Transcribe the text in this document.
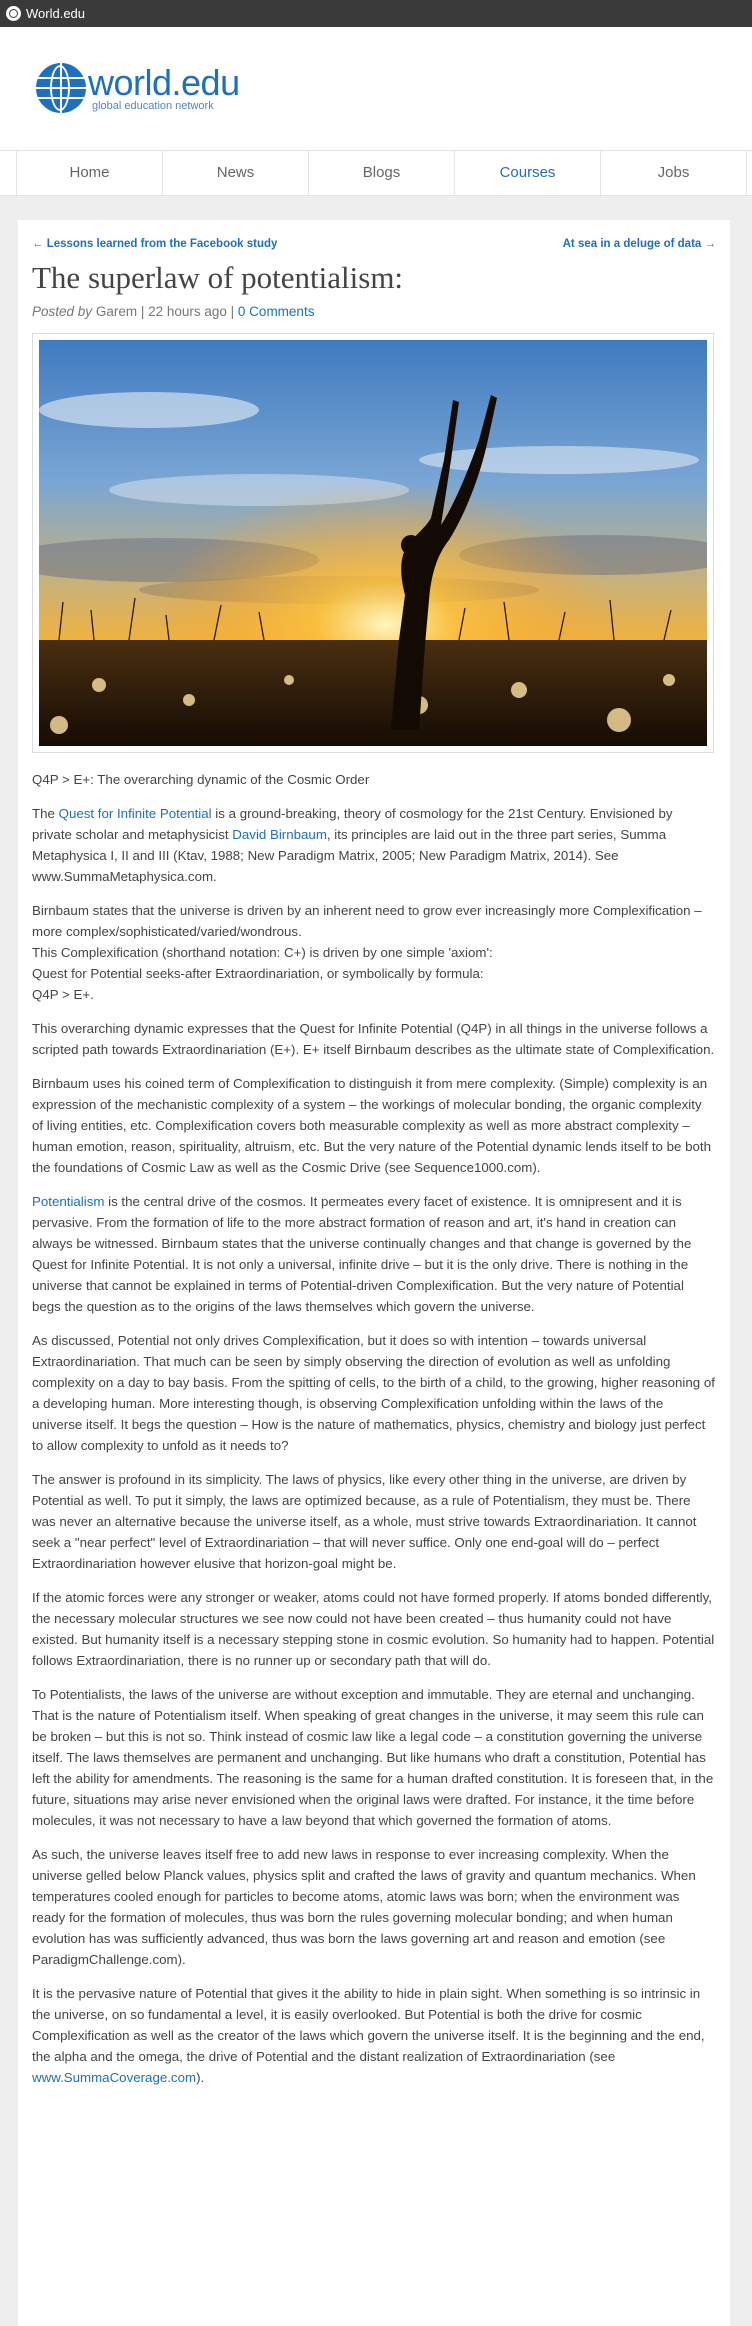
World.edu
world.edu
global education network
Home	News	Blogs	Courses	Jobs
← Lessons learned from the Facebook study	At sea in a deluge of data →
The superlaw of potentialism:
Posted by Garem | 22 hours ago | 0 Comments

Q4P > E+: The overarching dynamic of the Cosmic Order

The Quest for Infinite Potential is a ground-breaking, theory of cosmology for the 21st Century. Envisioned by private scholar and metaphysicist David Birnbaum, its principles are laid out in the three part series, Summa Metaphysica I, II and III (Ktav, 1988; New Paradigm Matrix, 2005; New Paradigm Matrix, 2014). See www.SummaMetaphysica.com.

Birnbaum states that the universe is driven by an inherent need to grow ever increasingly more Complexification – more complex/sophisticated/varied/wondrous.
This Complexification (shorthand notation: C+) is driven by one simple 'axiom':
Quest for Potential seeks-after Extraordinariation, or symbolically by formula:
Q4P > E+.

This overarching dynamic expresses that the Quest for Infinite Potential (Q4P) in all things in the universe follows a scripted path towards Extraordinariation (E+). E+ itself Birnbaum describes as the ultimate state of Complexification.

Birnbaum uses his coined term of Complexification to distinguish it from mere complexity. (Simple) complexity is an expression of the mechanistic complexity of a system – the workings of molecular bonding, the organic complexity of living entities, etc. Complexification covers both measurable complexity as well as more abstract complexity – human emotion, reason, spirituality, altruism, etc. But the very nature of the Potential dynamic lends itself to be both the foundations of Cosmic Law as well as the Cosmic Drive (see Sequence1000.com).

Potentialism is the central drive of the cosmos. It permeates every facet of existence. It is omnipresent and it is pervasive. From the formation of life to the more abstract formation of reason and art, it's hand in creation can always be witnessed. Birnbaum states that the universe continually changes and that change is governed by the Quest for Infinite Potential. It is not only a universal, infinite drive – but it is the only drive. There is nothing in the universe that cannot be explained in terms of Potential-driven Complexification. But the very nature of Potential begs the question as to the origins of the laws themselves which govern the universe.

As discussed, Potential not only drives Complexification, but it does so with intention – towards universal Extraordinariation. That much can be seen by simply observing the direction of evolution as well as unfolding complexity on a day to bay basis. From the spitting of cells, to the birth of a child, to the growing, higher reasoning of a developing human. More interesting though, is observing Complexification unfolding within the laws of the universe itself. It begs the question – How is the nature of mathematics, physics, chemistry and biology just perfect to allow complexity to unfold as it needs to?

The answer is profound in its simplicity. The laws of physics, like every other thing in the universe, are driven by Potential as well. To put it simply, the laws are optimized because, as a rule of Potentialism, they must be. There was never an alternative because the universe itself, as a whole, must strive towards Extraordinariation. It cannot seek a "near perfect" level of Extraordinariation – that will never suffice. Only one end-goal will do – perfect Extraordinariation however elusive that horizon-goal might be.

If the atomic forces were any stronger or weaker, atoms could not have formed properly. If atoms bonded differently, the necessary molecular structures we see now could not have been created – thus humanity could not have existed. But humanity itself is a necessary stepping stone in cosmic evolution. So humanity had to happen. Potential follows Extraordinariation, there is no runner up or secondary path that will do.

To Potentialists, the laws of the universe are without exception and immutable. They are eternal and unchanging. That is the nature of Potentialism itself. When speaking of great changes in the universe, it may seem this rule can be broken – but this is not so. Think instead of cosmic law like a legal code – a constitution governing the universe itself. The laws themselves are permanent and unchanging. But like humans who draft a constitution, Potential has left the ability for amendments. The reasoning is the same for a human drafted constitution. It is foreseen that, in the future, situations may arise never envisioned when the original laws were drafted. For instance, it the time before molecules, it was not necessary to have a law beyond that which governed the formation of atoms.

As such, the universe leaves itself free to add new laws in response to ever increasing complexity. When the universe gelled below Planck values, physics split and crafted the laws of gravity and quantum mechanics. When temperatures cooled enough for particles to become atoms, atomic laws was born; when the environment was ready for the formation of molecules, thus was born the rules governing molecular bonding; and when human evolution has was sufficiently advanced, thus was born the laws governing art and reason and emotion (see ParadigmChallenge.com).

It is the pervasive nature of Potential that gives it the ability to hide in plain sight. When something is so intrinsic in the universe, on so fundamental a level, it is easily overlooked. But Potential is both the drive for cosmic Complexification as well as the creator of the laws which govern the universe itself. It is the beginning and the end, the alpha and the omega, the drive of Potential and the distant realization of Extraordinariation (see www.SummaCoverage.com).
